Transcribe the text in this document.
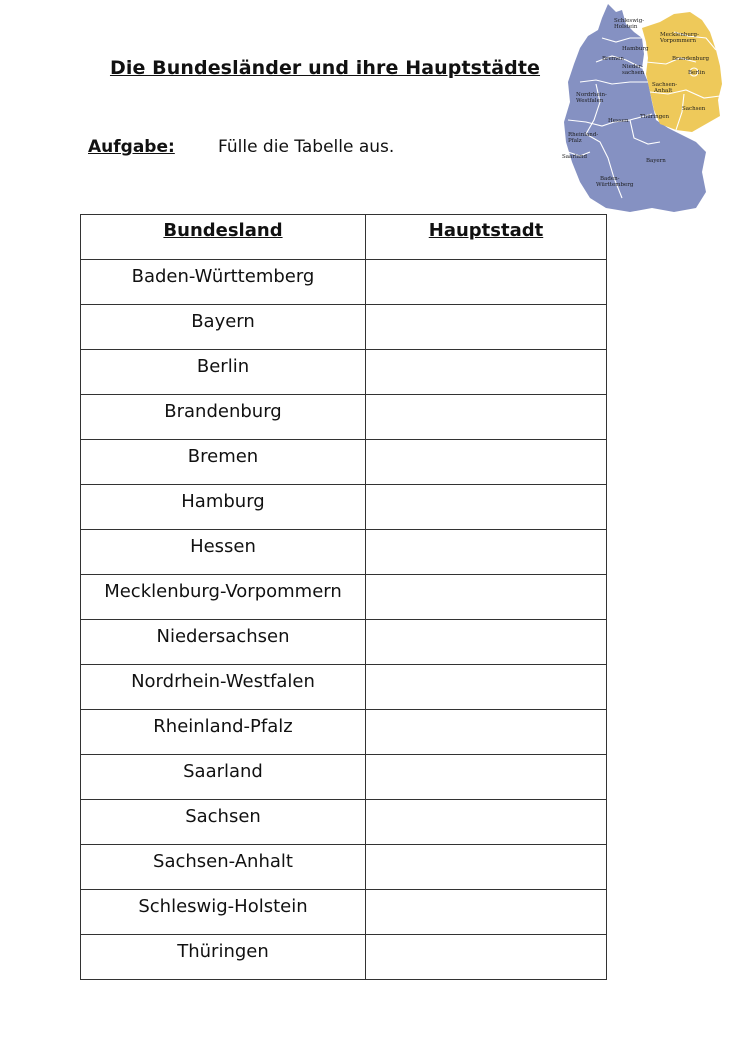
Die Bundesländer und ihre Hauptstädte
Aufgabe:	Fülle die Tabelle aus.
Schleswig-
Holstein
Mecklenburg-
Vorpommern
Hamburg
Bremen
Nieder-
sachsen
Brandenburg
Berlin
Sachsen-
Anhalt
Nordrhein-
Westfalen
Sachsen
Hessen
Thüringen
Rheinland-
Pfalz
Saarland
Bayern
Baden-
Württemberg
Bundesland	Hauptstadt
Baden-Württemberg	
Bayern	
Berlin	
Brandenburg	
Bremen	
Hamburg	
Hessen	
Mecklenburg-Vorpommern	
Niedersachsen	
Nordrhein-Westfalen	
Rheinland-Pfalz	
Saarland	
Sachsen	
Sachsen-Anhalt	
Schleswig-Holstein	
Thüringen	
